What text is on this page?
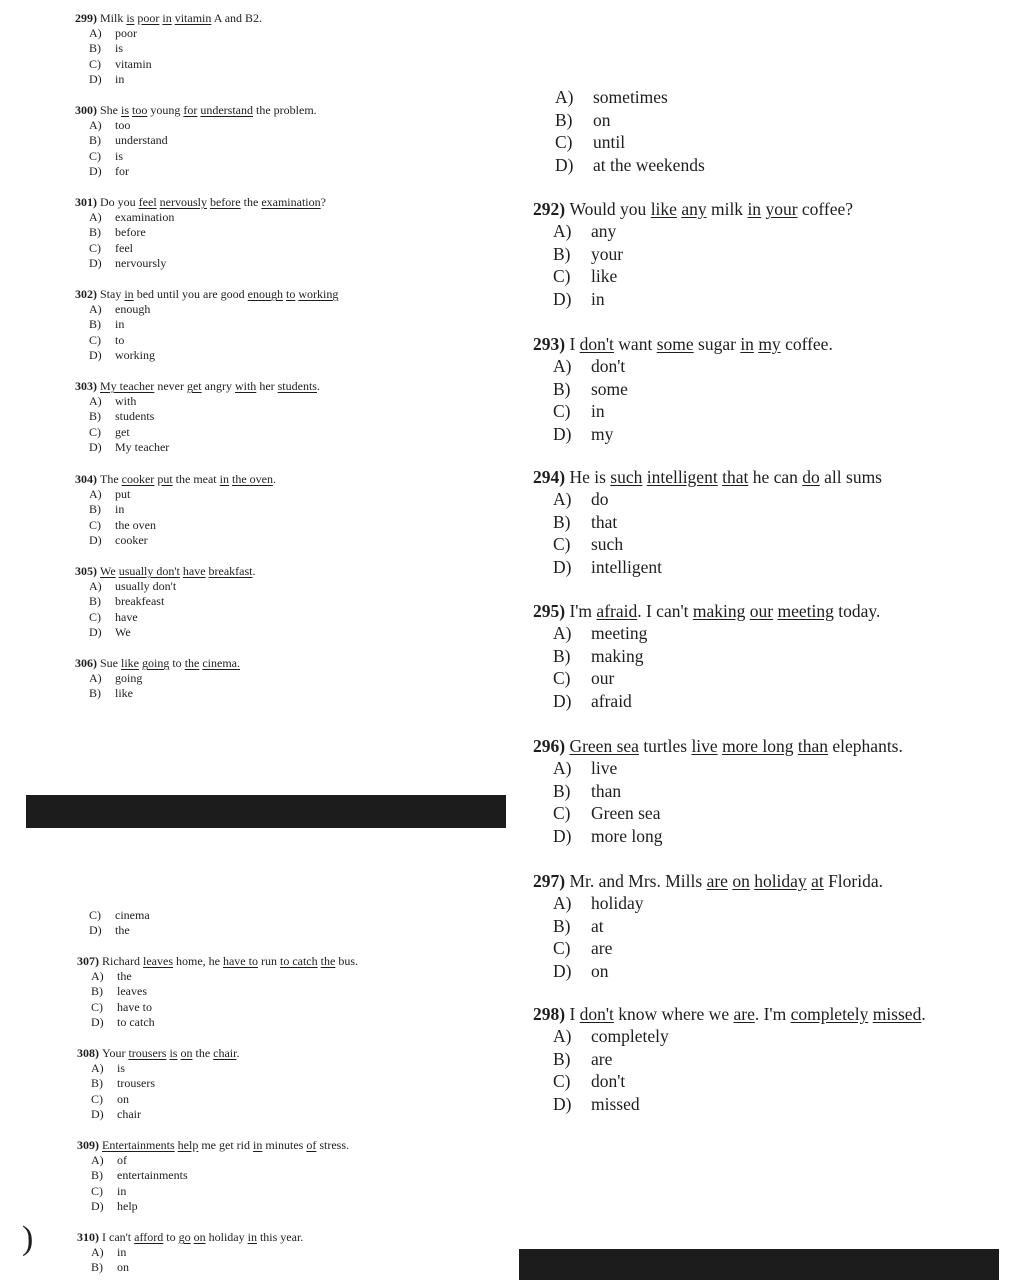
)
299) Milk is poor in vitamin A and B2.
A) poor
B) is
C) vitamin
D) in
300) She is too young for understand the problem.
A) too
B) understand
C) is
D) for
301) Do you feel nervously before the examination?
A) examination
B) before
C) feel
D) nervoursly
302) Stay in bed until you are good enough to working
A) enough
B) in
C) to
D) working
303) My teacher never get angry with her students.
A) with
B) students
C) get
D) My teacher
304) The cooker put the meat in the oven.
A) put
B) in
C) the oven
D) cooker
305) We usually don't have breakfast.
A) usually don't
B) breakfeast
C) have
D) We
306) Sue like going to the cinema.
A) going
B) like
C) cinema
D) the
307) Richard leaves home, he have to run to catch the bus.
A) the
B) leaves
C) have to
D) to catch
308) Your trousers is on the chair.
A) is
B) trousers
C) on
D) chair
309) Entertainments help me get rid in minutes of stress.
A) of
B) entertainments
C) in
D) help
310) I can't afford to go on holiday in this year.
A) in
B) on
A) sometimes
B) on
C) until
D) at the weekends
292) Would you like any milk in your coffee?
A) any
B) your
C) like
D) in
293) I don't want some sugar in my coffee.
A) don't
B) some
C) in
D) my
294) He is such intelligent that he can do all sums
A) do
B) that
C) such
D) intelligent
295) I'm afraid. I can't making our meeting today.
A) meeting
B) making
C) our
D) afraid
296) Green sea turtles live more long than elephants.
A) live
B) than
C) Green sea
D) more long
297) Mr. and Mrs. Mills are on holiday at Florida.
A) holiday
B) at
C) are
D) on
298) I don't know where we are. I'm completely missed.
A) completely
B) are
C) don't
D) missed
